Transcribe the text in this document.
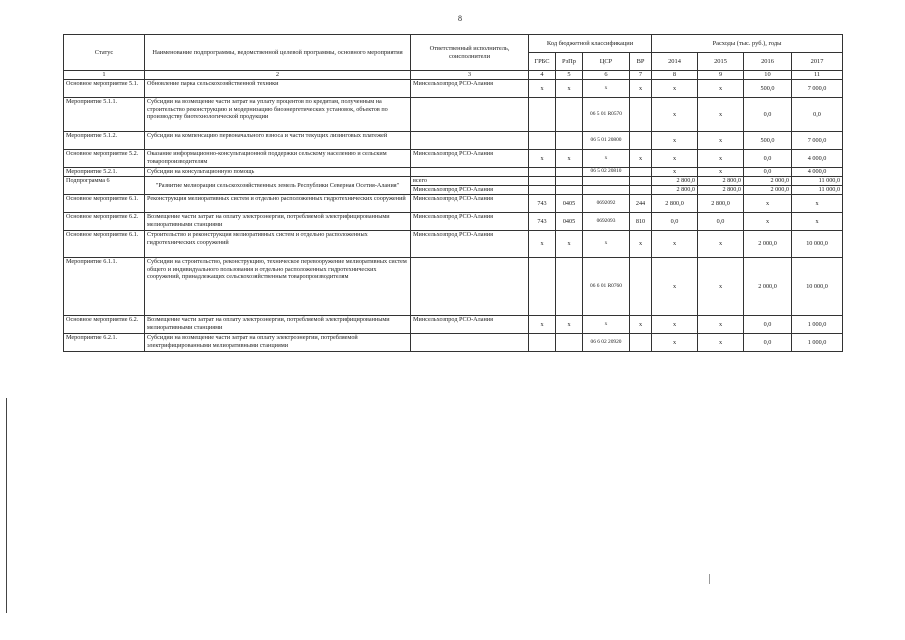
8
Статус	Наименование подпрограммы, ведомственной целевой программы, основного мероприятия	Ответственный исполнитель, соисполнители	Код бюджетной классификации				Расходы (тыс. руб.), годы			
			ГРБС	РзПр	ЦСР	ВР	2014	2015	2016	2017
1	2	3	4	5	6	7	8	9	10	11
Основное мероприятие 5.1.	Обновление парка сельскохозяйственной техники	Минсельхозпрод РСО-Алания	х	х	х	х	х	х	500,0	7 000,0
Мероприятие 5.1.1.	Субсидии на возмещение части затрат на уплату процентов по кредитам, полученным на строительство реконструкцию и модернизацию биоэнергетических установок, объектов по производству биотехнологической продукции				06 5 01 R0570		х	х	0,0	0,0
Мероприятие 5.1.2.	Субсидии на компенсацию первоначального взноса и части текущих лизинговых платежей				06 5 01 20800		х	х	500,0	7 000,0
Основное мероприятие 5.2.	Оказание информационно-консультационной поддержки сельскому населению и сельским товаропроизводителям	Минсельхозпрод РСО-Алания	х	х	х	х	х	х	0,0	4 000,0
Мероприятие 5.2.1.	Субсидии на консультационную помощь				06 5 02 20810		х	х	0,0	4 000,0
Подпрограмма 6	"Развитие мелиорации сельскохозяйственных земель Республики Северная Осетия-Алания"	всего					2 800,0	2 800,0	2 000,0	11 000,0
		Минсельхозпрод РСО-Алания					2 800,0	2 800,0	2 000,0	11 000,0
Основное мероприятие 6.1.	Реконструкция мелиоративных систем и отдельно расположенных гидротехнических сооружений	Минсельхозпрод РСО-Алания	743	0405	0692092	244	2 800,0	2 800,0	х	х
Основное мероприятие 6.2.	Возмещение части затрат на оплату электроэнергии, потребляемой электрифицированными мелиоративными станциями	Минсельхозпрод РСО-Алания	743	0405	0692093	810	0,0	0,0	х	х
Основное мероприятие 6.1.	Строительство и реконструкция мелиоративных систем и отдельно расположенных гидротехнических сооружений	Минсельхозпрод РСО-Алания	х	х	х	х	х	х	2 000,0	10 000,0
Мероприятие 6.1.1.	Субсидии на строительство, реконструкцию, техническое перевооружение мелиоративных систем общего и индивидуального пользования и отдельно расположенных гидротехнических сооружений, принадлежащих сельскохозяйственным товаропроизводителям				06 6 01 R0760		х	х	2 000,0	10 000,0
Основное мероприятие 6.2.	Возмещение части затрат на оплату электроэнергии, потребляемой электрифицированными мелиоративными станциями	Минсельхозпрод РСО-Алания	х	х	х	х	х	х	0,0	1 000,0
Мероприятие 6.2.1.	Субсидии на возмещение части затрат на оплату электроэнергии, потребляемой электрифицированными мелиоративными станциями				06 6 02 20920		х	х	0,0	1 000,0
